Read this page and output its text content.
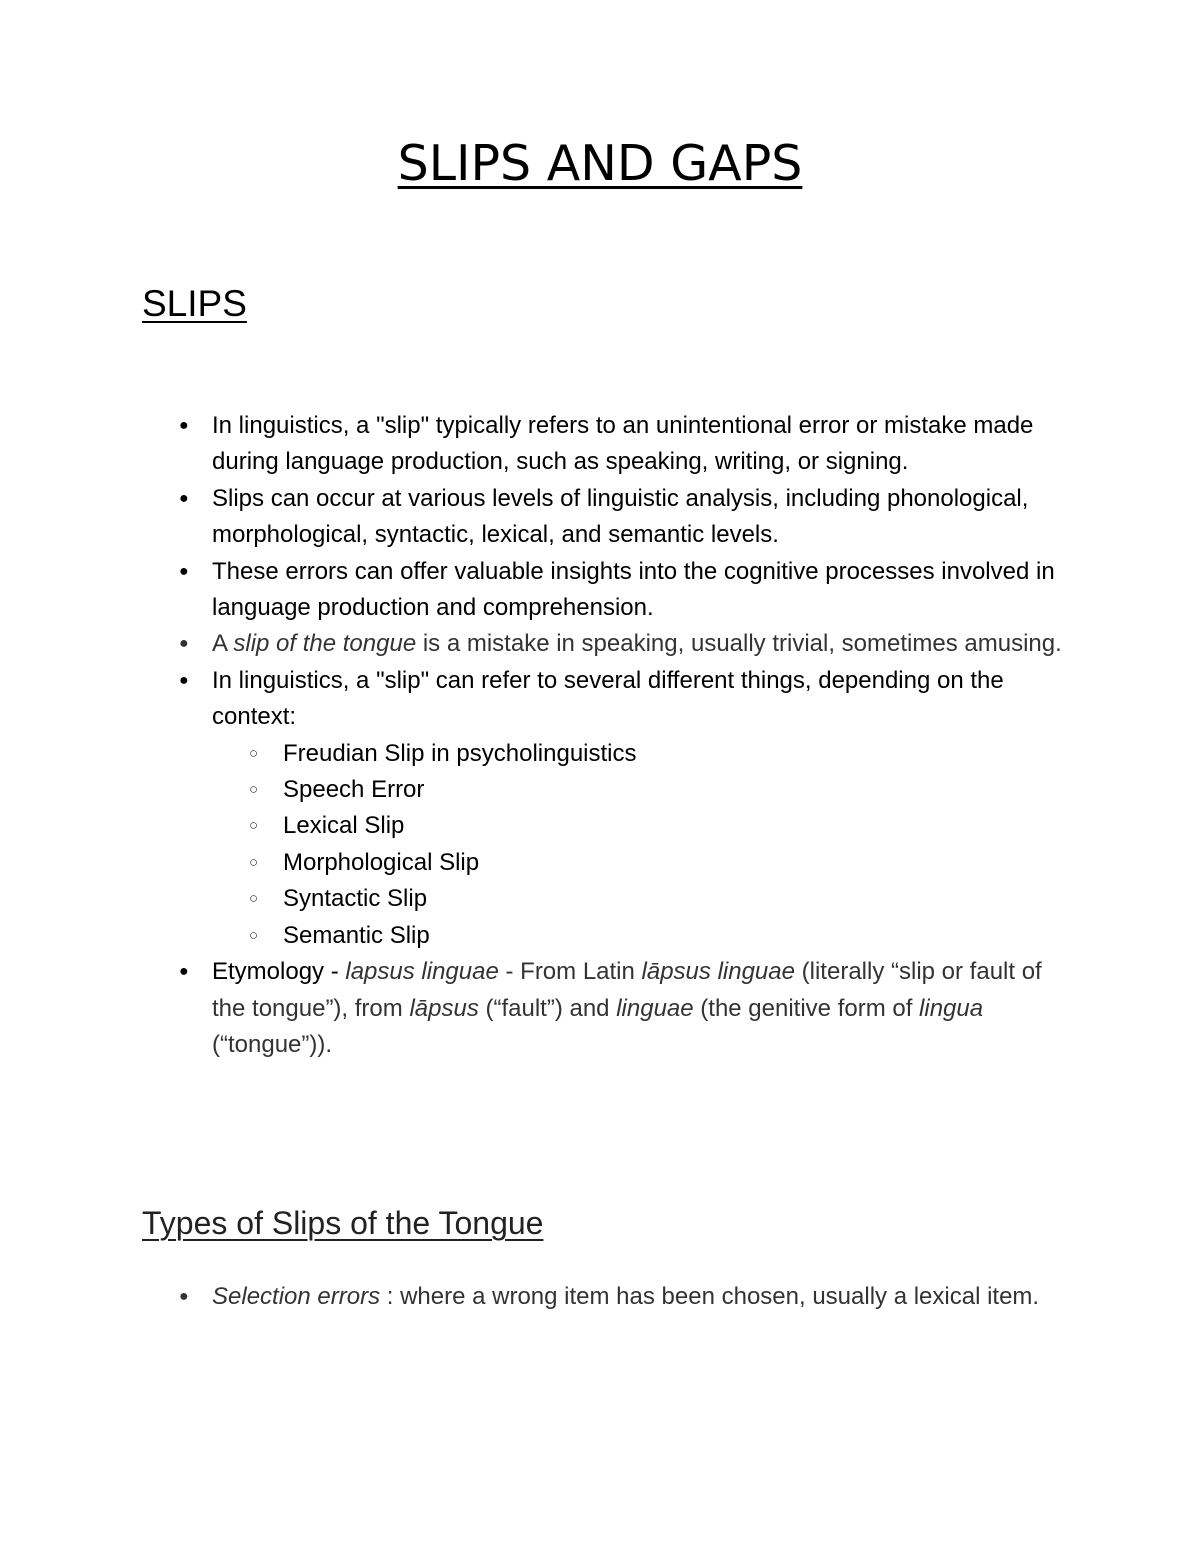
SLIPS AND GAPS
SLIPS
● In linguistics, a "slip" typically refers to an unintentional error or mistake made during language production, such as speaking, writing, or signing.
● Slips can occur at various levels of linguistic analysis, including phonological, morphological, syntactic, lexical, and semantic levels.
● These errors can offer valuable insights into the cognitive processes involved in language production and comprehension.
● A slip of the tongue is a mistake in speaking, usually trivial, sometimes amusing.
● In linguistics, a "slip" can refer to several different things, depending on the context:
○ Freudian Slip in psycholinguistics
○ Speech Error
○ Lexical Slip
○ Morphological Slip
○ Syntactic Slip
○ Semantic Slip
● Etymology - lapsus linguae - From Latin lāpsus linguae (literally “slip or fault of the tongue”), from lāpsus (“fault”) and linguae (the genitive form of lingua (“tongue”)).
Types of Slips of the Tongue
● Selection errors : where a wrong item has been chosen, usually a lexical item.
